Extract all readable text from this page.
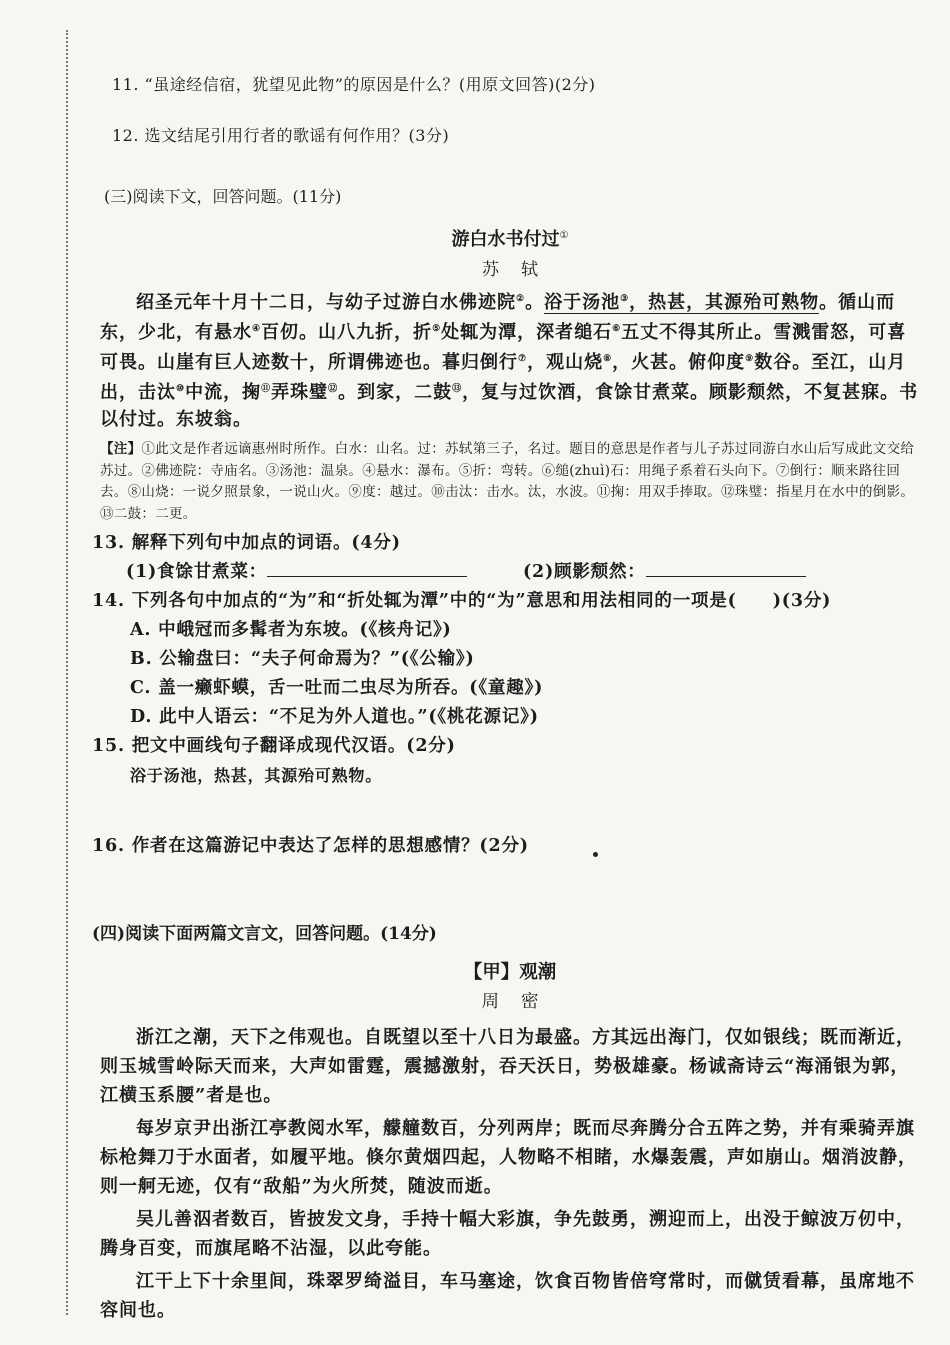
11. “虽途经信宿，犹望见此物”的原因是什么？(用原文回答)(2分)

12. 选文结尾引用行者的歌谣有何作用？(3分)

(三)阅读下文，回答问题。(11分)

游白水书付过①

苏轼

绍圣元年十月十二日，与幼子过游白水佛迹院②。浴于汤池③，热甚，其源殆可熟物。循山而东，少北，有悬水④百仞。山八九折，折⑤处辄为潭，深者缒石⑥五丈不得其所止。雪溅雷怒，可喜可畏。山崖有巨人迹数十，所谓佛迹也。暮归倒行⑦，观山烧⑧，火甚。俯仰度⑨数谷。至江，山月出，击汰⑩中流，掬⑪弄珠璧⑫。到家，二鼓⑬，复与过饮酒，食馀甘煮菜。顾影颓然，不复甚寐。书以付过。东坡翁。

【注】①此文是作者远谪惠州时所作。白水：山名。过：苏轼第三子，名过。题目的意思是作者与儿子苏过同游白水山后写成此文交给苏过。②佛迹院：寺庙名。③汤池：温泉。④悬水：瀑布。⑤折：弯转。⑥缒(zhuì)石：用绳子系着石头向下。⑦倒行：顺来路往回去。⑧山烧：一说夕照景象，一说山火。⑨度：越过。⑩击汰：击水。汰，水波。⑪掬：用双手捧取。⑫珠璧：指星月在水中的倒影。⑬二鼓：二更。

13. 解释下列句中加点的词语。(4分)

(1)食馀甘煮菜：	(2)顾影颓然：

14. 下列各句中加点的“为”和“折处辄为潭”中的“为”意思和用法相同的一项是( )(3分)

A. 中峨冠而多髯者为东坡。(《核舟记》)

B. 公输盘曰：“夫子何命焉为？”(《公输》)

C. 盖一癞虾蟆，舌一吐而二虫尽为所吞。(《童趣》)

D. 此中人语云：“不足为外人道也。”(《桃花源记》)

15. 把文中画线句子翻译成现代汉语。(2分)

浴于汤池，热甚，其源殆可熟物。

16. 作者在这篇游记中表达了怎样的思想感情？(2分)

(四)阅读下面两篇文言文，回答问题。(14分)

【甲】观潮

周密

浙江之潮，天下之伟观也。自既望以至十八日为最盛。方其远出海门，仅如银线；既而渐近，则玉城雪岭际天而来，大声如雷霆，震撼激射，吞天沃日，势极雄豪。杨诚斋诗云“海涌银为郭，江横玉系腰”者是也。

每岁京尹出浙江亭教阅水军，艨艟数百，分列两岸；既而尽奔腾分合五阵之势，并有乘骑弄旗标枪舞刀于水面者，如履平地。倏尔黄烟四起，人物略不相睹，水爆轰震，声如崩山。烟消波静，则一舸无迹，仅有“敌船”为火所焚，随波而逝。

吴儿善泅者数百，皆披发文身，手持十幅大彩旗，争先鼓勇，溯迎而上，出没于鲸波万仞中，腾身百变，而旗尾略不沾湿，以此夸能。

江干上下十余里间，珠翠罗绮溢目，车马塞途，饮食百物皆倍穹常时，而僦赁看幕，虽席地不容间也。
